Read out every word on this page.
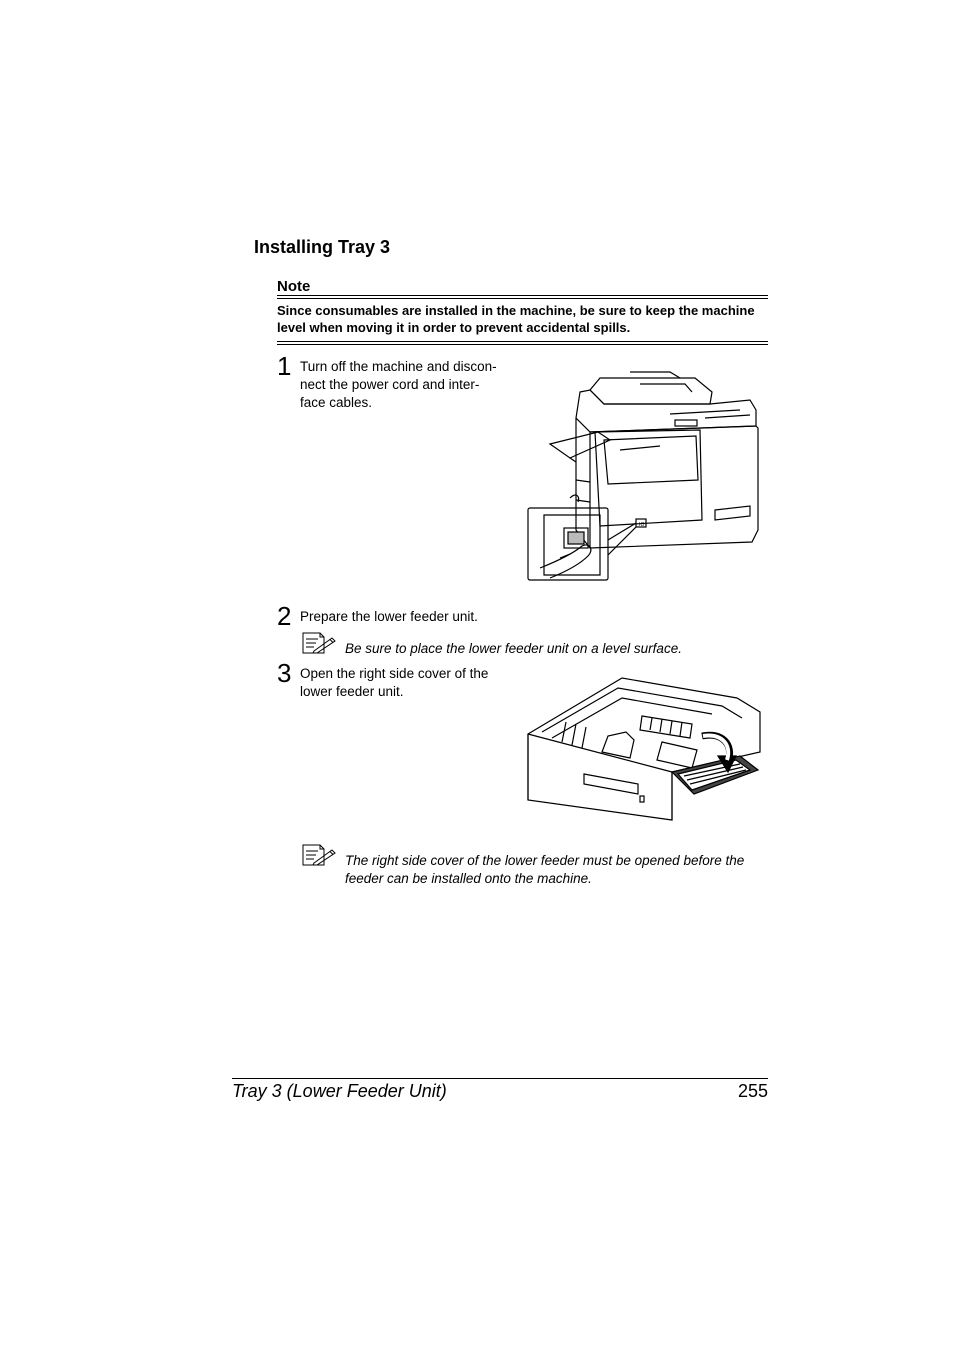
Installing Tray 3
Note
Since consumables are installed in the machine, be sure to keep the machine level when moving it in order to prevent accidental spills.
1 Turn off the machine and discon-
nect the power cord and inter-
face cables.
IO
2 Prepare the lower feeder unit.
Be sure to place the lower feeder unit on a level surface.
3 Open the right side cover of the
lower feeder unit.
The right side cover of the lower feeder must be opened before the
feeder can be installed onto the machine.
Tray 3 (Lower Feeder Unit)	255
